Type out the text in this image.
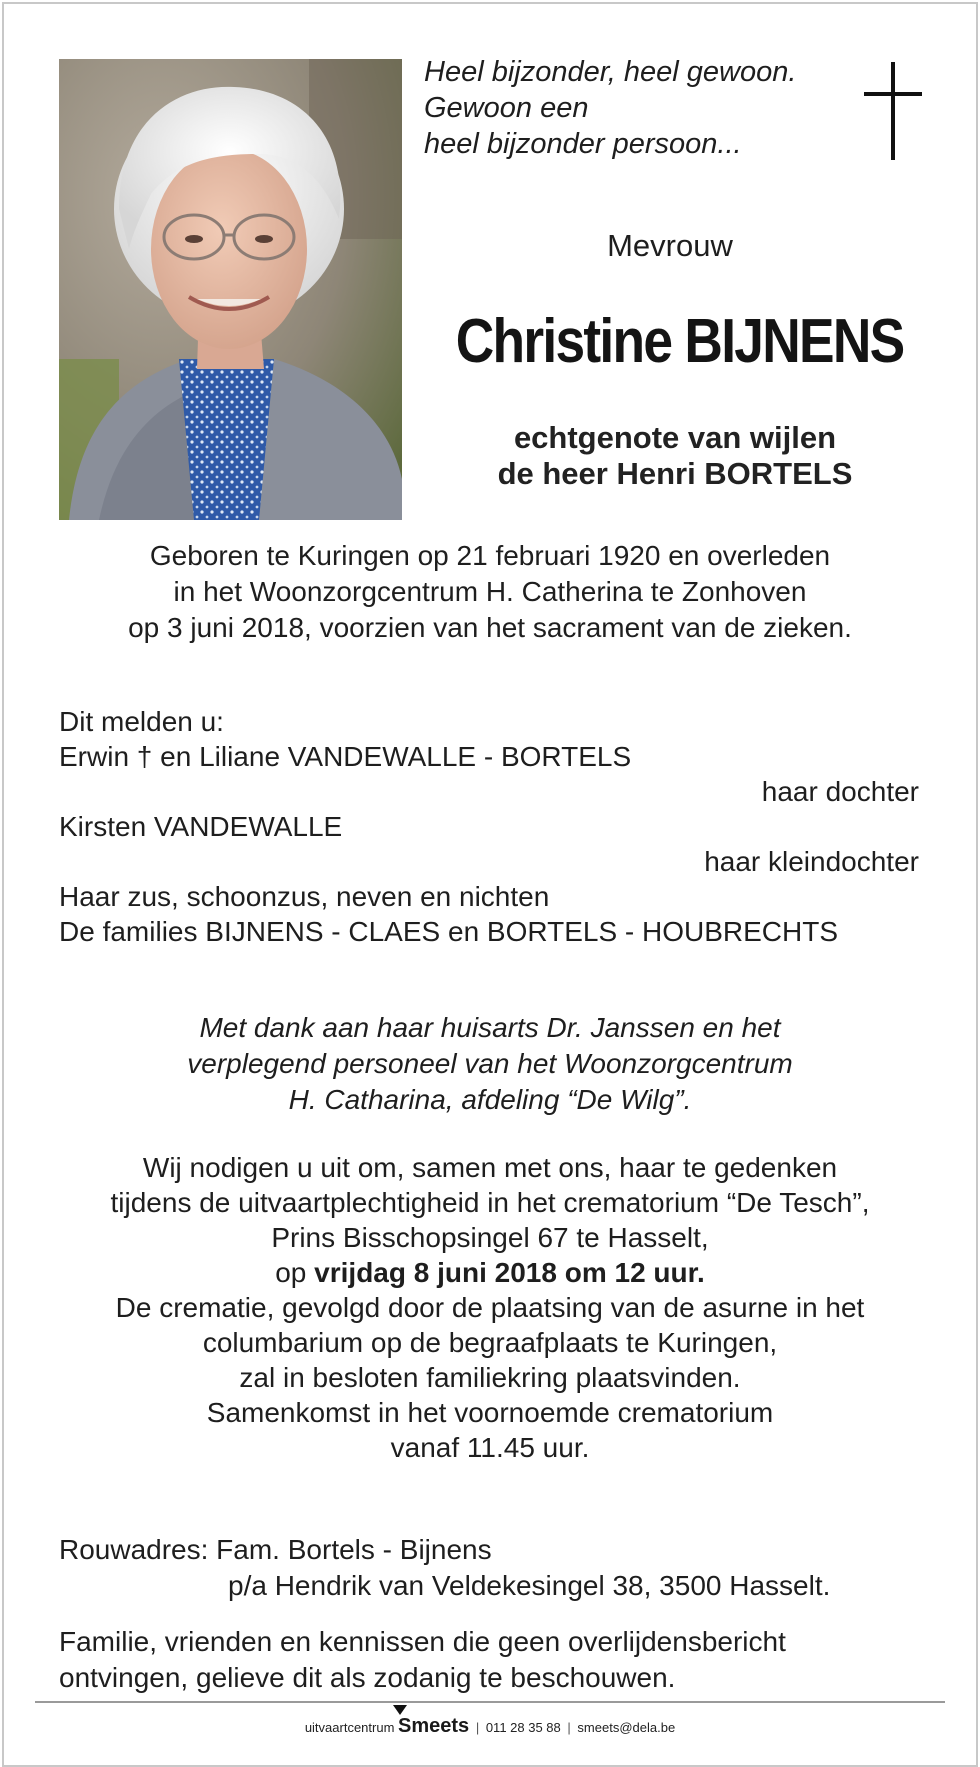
Heel bijzonder, heel gewoon.
Gewoon een
heel bijzonder persoon...
Mevrouw
Christine BIJNENS
echtgenote van wijlen
de heer Henri BORTELS
Geboren te Kuringen op 21 februari 1920 en overleden
in het Woonzorgcentrum H. Catherina te Zonhoven
op 3 juni 2018, voorzien van het sacrament van de zieken.
Dit melden u:
Erwin † en Liliane VANDEWALLE - BORTELS
haar dochter
Kirsten VANDEWALLE
haar kleindochter
Haar zus, schoonzus, neven en nichten
De families BIJNENS - CLAES en BORTELS - HOUBRECHTS
Met dank aan haar huisarts Dr. Janssen en het
verplegend personeel van het Woonzorgcentrum
H. Catharina, afdeling “De Wilg”.
Wij nodigen u uit om, samen met ons, haar te gedenken
tijdens de uitvaartplechtigheid in het crematorium “De Tesch”,
Prins Bisschopsingel 67 te Hasselt,
op vrijdag 8 juni 2018 om 12 uur.
De crematie, gevolgd door de plaatsing van de asurne in het
columbarium op de begraafplaats te Kuringen,
zal in besloten familiekring plaatsvinden.
Samenkomst in het voornoemde crematorium
vanaf 11.45 uur.
Rouwadres: Fam. Bortels - Bijnens
p/a Hendrik van Veldekesingel 38, 3500 Hasselt.
Familie, vrienden en kennissen die geen overlijdensbericht
ontvingen, gelieve dit als zodanig te beschouwen.
uitvaartcentrum Smeets | 011 28 35 88 | smeets@dela.be
